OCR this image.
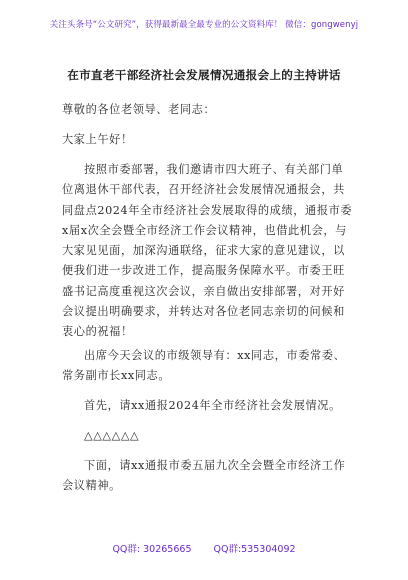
关注头条号“公文研究”，获得最新最全最专业的公文资料库！ 微信：gongwenyj
在市直老干部经济社会发展情况通报会上的主持讲话
尊敬的各位老领导、老同志：
大家上午好！
按照市委部署，我们邀请市四大班子、有关部门单位离退休干部代表，召开经济社会发展情况通报会，共同盘点2024年全市经济社会发展取得的成绩，通报市委x届x次全会暨全市经济工作会议精神，也借此机会，与大家见见面，加深沟通联络，征求大家的意见建议，以便我们进一步改进工作，提高服务保障水平。市委王旺盛书记高度重视这次会议，亲自做出安排部署，对开好会议提出明确要求，并转达对各位老同志亲切的问候和衷心的祝福！
出席今天会议的市级领导有：xx同志，市委常委、常务副市长xx同志。
首先，请xx通报2024年全市经济社会发展情况。
△△△△△△
下面，请xx通报市委五届九次全会暨全市经济工作会议精神。
QQ群: 30265665 QQ群:535304092
